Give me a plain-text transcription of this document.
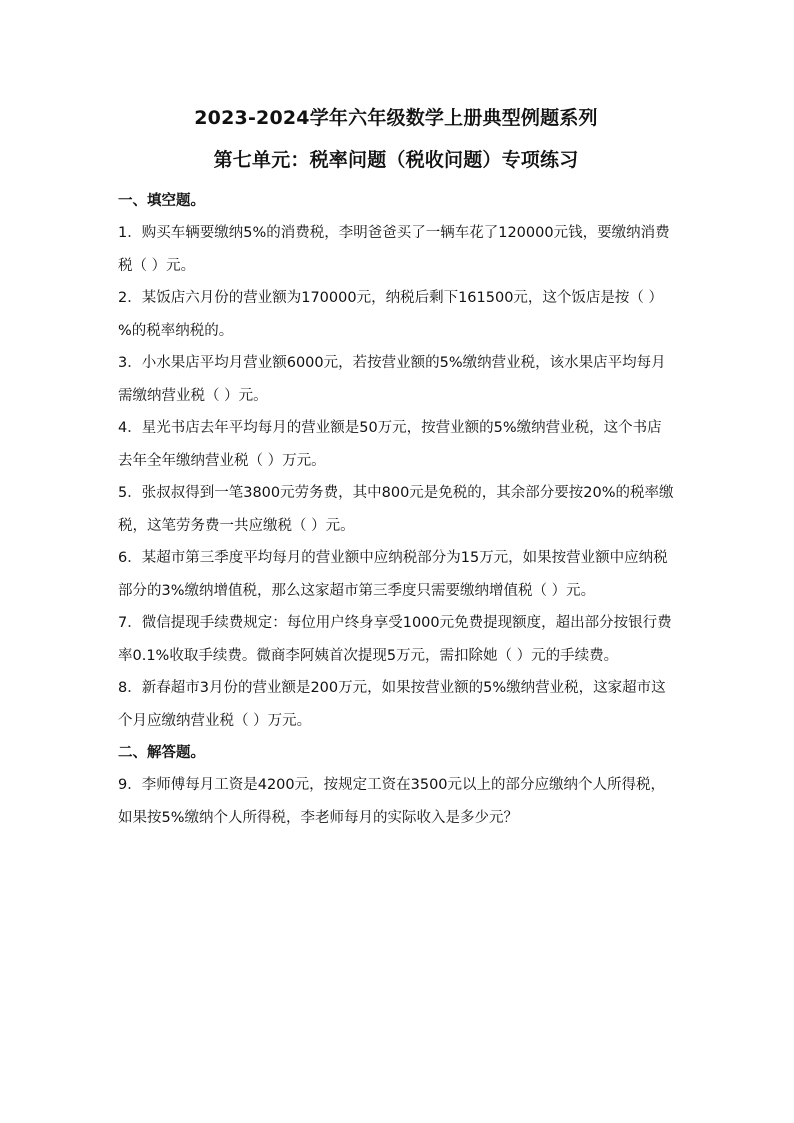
2023-2024学年六年级数学上册典型例题系列
第七单元：税率问题（税收问题）专项练习

一、填空题。

1．购买车辆要缴纳5%的消费税，李明爸爸买了一辆车花了120000元钱，要缴纳消费税（ ）元。

2．某饭店六月份的营业额为170000元，纳税后剩下161500元，这个饭店是按（ ）%的税率纳税的。

3．小水果店平均月营业额6000元，若按营业额的5%缴纳营业税，该水果店平均每月需缴纳营业税（ ）元。

4．星光书店去年平均每月的营业额是50万元，按营业额的5%缴纳营业税，这个书店去年全年缴纳营业税（ ）万元。

5．张叔叔得到一笔3800元劳务费，其中800元是免税的，其余部分要按20%的税率缴税，这笔劳务费一共应缴税（ ）元。

6．某超市第三季度平均每月的营业额中应纳税部分为15万元，如果按营业额中应纳税部分的3%缴纳增值税，那么这家超市第三季度只需要缴纳增值税（ ）元。

7．微信提现手续费规定：每位用户终身享受1000元免费提现额度，超出部分按银行费率0.1%收取手续费。微商李阿姨首次提现5万元，需扣除她（ ）元的手续费。

8．新春超市3月份的营业额是200万元，如果按营业额的5%缴纳营业税，这家超市这个月应缴纳营业税（ ）万元。

二、解答题。

9．李师傅每月工资是4200元，按规定工资在3500元以上的部分应缴纳个人所得税，如果按5%缴纳个人所得税，李老师每月的实际收入是多少元？
